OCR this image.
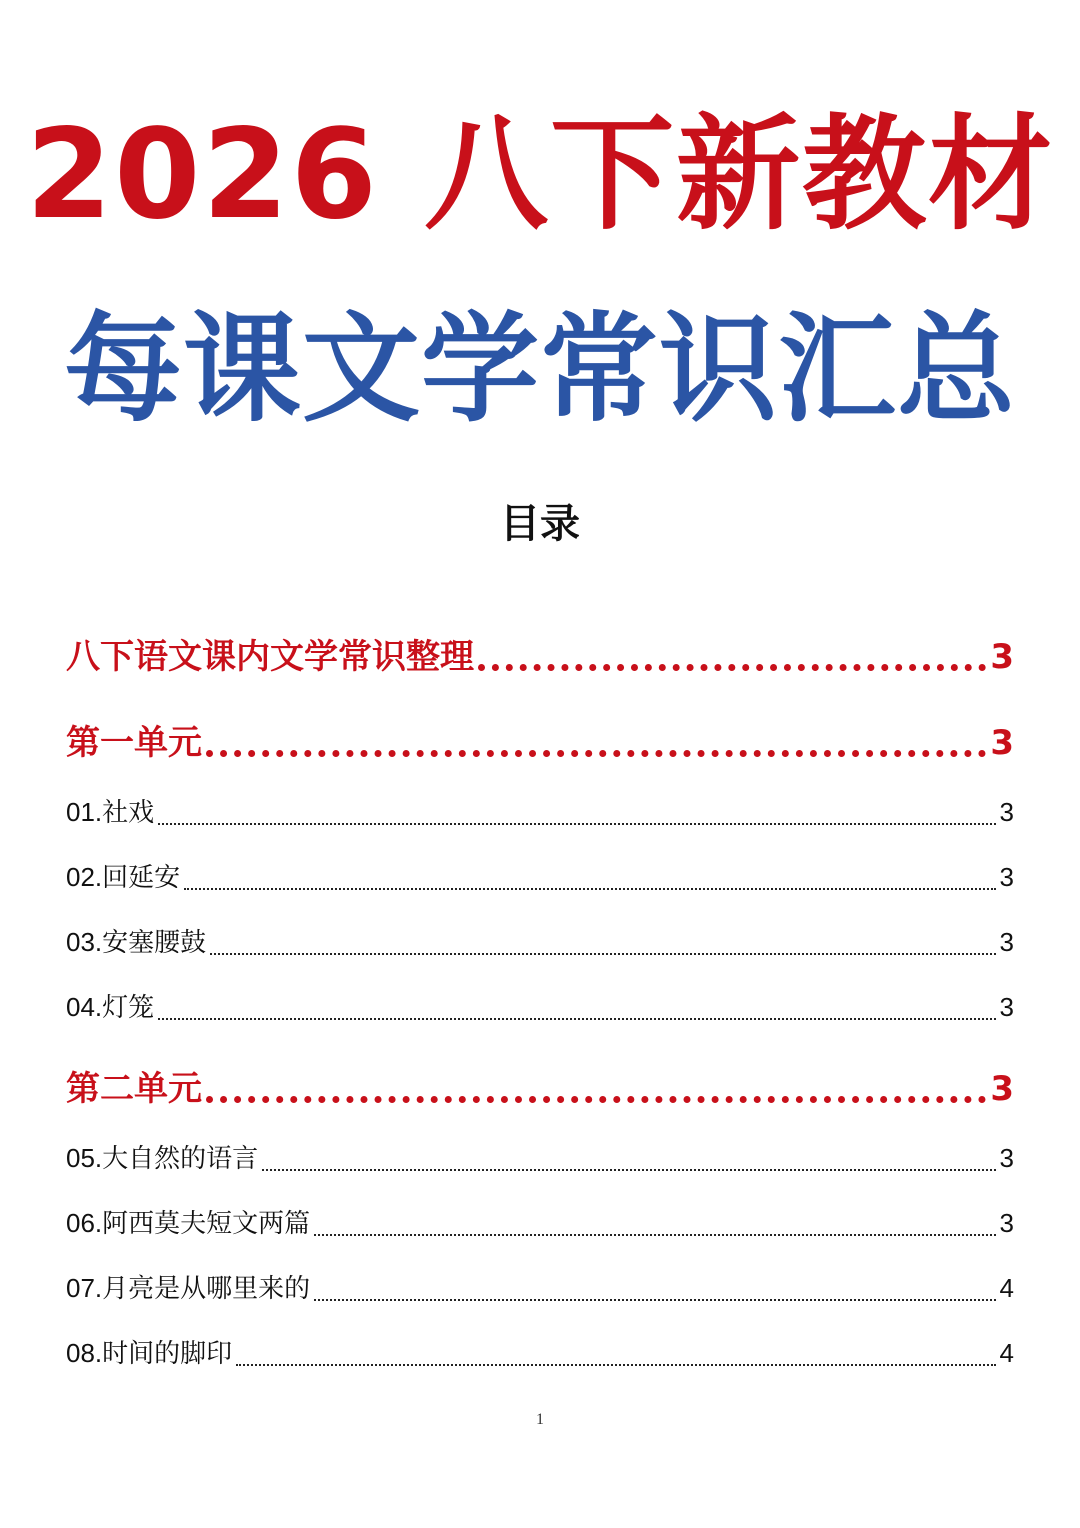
2026 八下新教材
每课文学常识汇总
目录
八下语文课内文学常识整理	3
第一单元	3
01.社戏	3
02.回延安	3
03.安塞腰鼓	3
04.灯笼	3
第二单元	3
05.大自然的语言	3
06.阿西莫夫短文两篇	3
07.月亮是从哪里来的	4
08.时间的脚印	4
1
